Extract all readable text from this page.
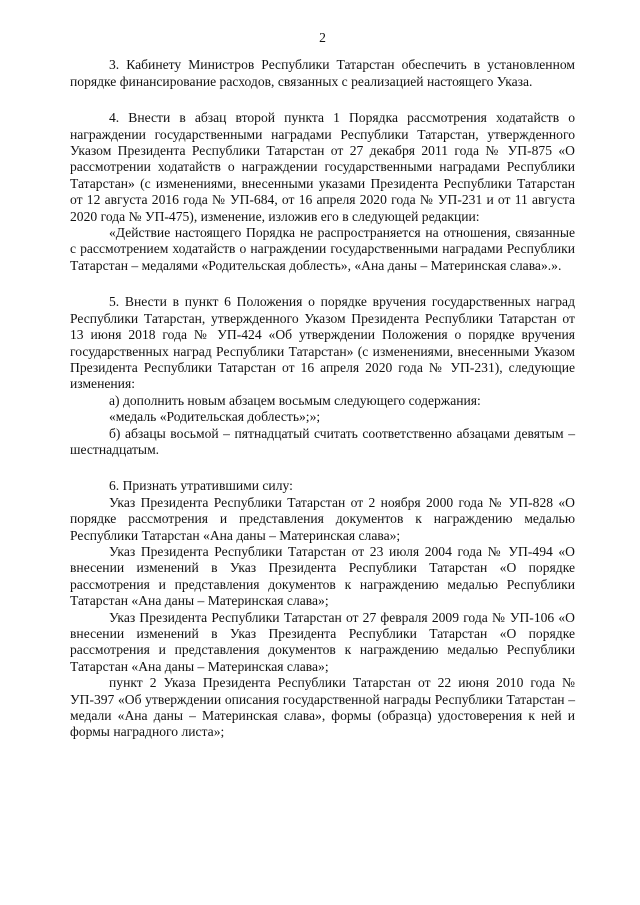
2

3. Кабинету Министров Республики Татарстан обеспечить в установленном порядке финансирование расходов, связанных с реализацией настоящего Указа.

4. Внести в абзац второй пункта 1 Порядка рассмотрения ходатайств о награждении государственными наградами Республики Татарстан, утвержденного Указом Президента Республики Татарстан от 27 декабря 2011 года № УП-875 «О рассмотрении ходатайств о награждении государственными наградами Республики Татарстан» (с изменениями, внесенными указами Президента Республики Татарстан от 12 августа 2016 года № УП-684, от 16 апреля 2020 года № УП-231 и от 11 августа 2020 года № УП-475), изменение, изложив его в следующей редакции:

«Действие настоящего Порядка не распространяется на отношения, связанные с рассмотрением ходатайств о награждении государственными наградами Республики Татарстан – медалями «Родительская доблесть», «Ана даны – Материнская слава».».

5. Внести в пункт 6 Положения о порядке вручения государственных наград Республики Татарстан, утвержденного Указом Президента Республики Татарстан от 13 июня 2018 года № УП-424 «Об утверждении Положения о порядке вручения государственных наград Республики Татарстан» (с изменениями, внесенными Указом Президента Республики Татарстан от 16 апреля 2020 года № УП-231), следующие изменения:

а) дополнить новым абзацем восьмым следующего содержания:

«медаль «Родительская доблесть»;»;

б) абзацы восьмой – пятнадцатый считать соответственно абзацами девятым – шестнадцатым.

6. Признать утратившими силу:

Указ Президента Республики Татарстан от 2 ноября 2000 года № УП-828 «О порядке рассмотрения и представления документов к награждению медалью Республики Татарстан «Ана даны – Материнская слава»;

Указ Президента Республики Татарстан от 23 июля 2004 года № УП-494 «О внесении изменений в Указ Президента Республики Татарстан «О порядке рассмотрения и представления документов к награждению медалью Республики Татарстан «Ана даны – Материнская слава»;

Указ Президента Республики Татарстан от 27 февраля 2009 года № УП-106 «О внесении изменений в Указ Президента Республики Татарстан «О порядке рассмотрения и представления документов к награждению медалью Республики Татарстан «Ана даны – Материнская слава»;

пункт 2 Указа Президента Республики Татарстан от 22 июня 2010 года № УП-397 «Об утверждении описания государственной награды Республики Татарстан – медали «Ана даны – Материнская слава», формы (образца) удостоверения к ней и формы наградного листа»;
